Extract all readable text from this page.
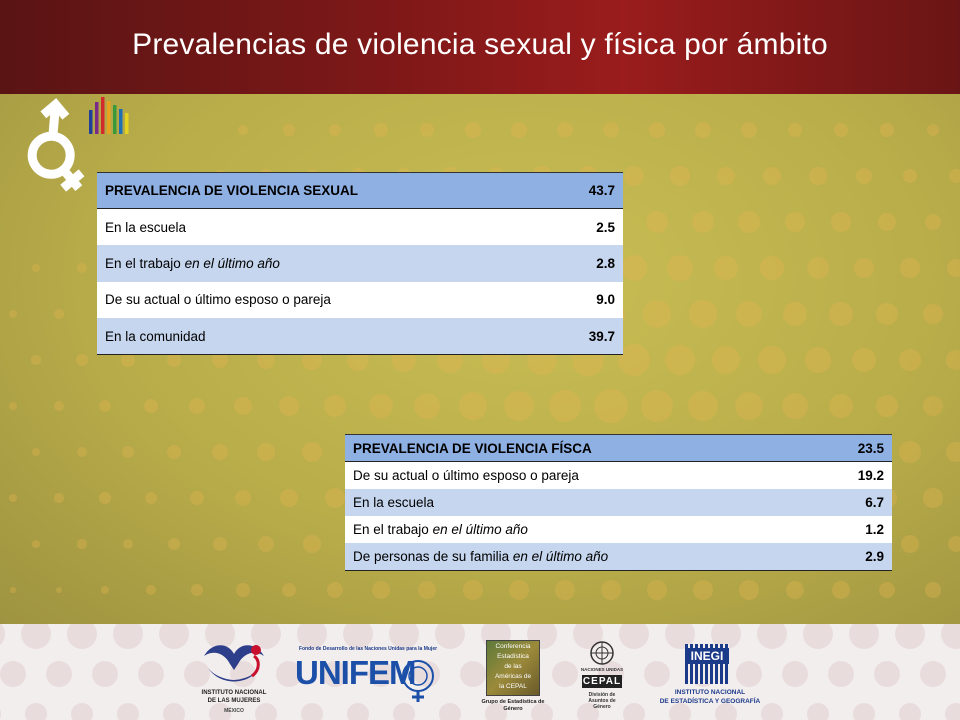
Prevalencias de violencia sexual y física por ámbito
PREVALENCIA DE VIOLENCIA SEXUAL	43.7
En la escuela	2.5
En el trabajo en el último año	2.8
De su actual o último esposo o pareja	9.0
En la comunidad	39.7
PREVALENCIA DE VIOLENCIA FÍSCA	23.5
De su actual o último esposo o pareja	19.2
En la escuela	6.7
En el trabajo en el último año	1.2
De personas de su familia en el último año	2.9
INSTITUTO NACIONAL
DE LAS MUJERES
MÉXICO
Fondo de Desarrollo de las Naciones Unidas para la Mujer
UNIFEM
Conferencia
Estadística
de las
Américas de
la CEPAL
Grupo de Estadística de Género
NACIONES UNIDAS
CEPAL
División de Asuntos de Género
INEGI
INSTITUTO NACIONAL
DE ESTADÍSTICA Y GEOGRAFÍA
